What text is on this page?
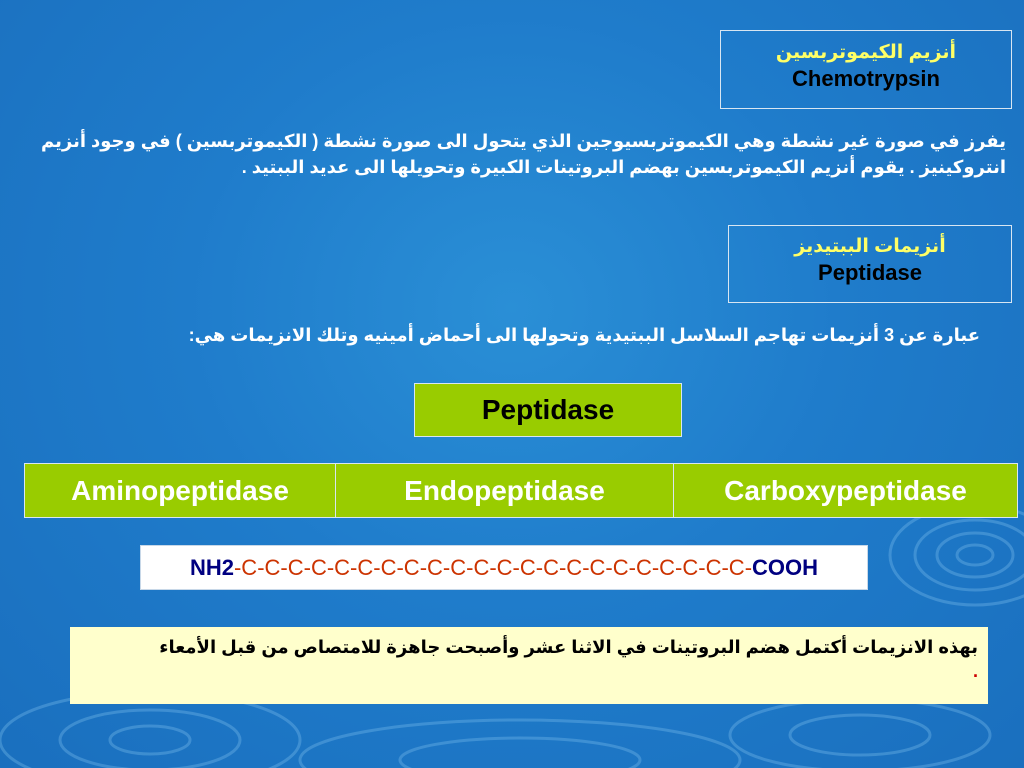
أنزيم الكيموتربسين
Chemotrypsin
يفرز في صورة غير نشطة وهي الكيموتربسيوجين الذي يتحول الى صورة نشطة ( الكيموتربسين ) في وجود أنزيم انتروكينيز . يقوم أنزيم الكيموتربسين بهضم البروتينات الكبيرة وتحويلها الى عديد الببتيد .
أنزيمات الببتيديز
Peptidase
عبارة عن 3 أنزيمات تهاجم السلاسل الببتيدية وتحولها الى أحماض أمينيه وتلك الانزيمات هي:
Peptidase
Aminopeptidase	Endopeptidase	Carboxypeptidase
NH2 -C-C-C-C-C-C-C-C-C-C-C-C-C-C-C-C-C-C-C-C-C-C- COOH
بهذه الانزيمات أكتمل هضم البروتينات في الاثنا عشر وأصبحت جاهزة للامتصاص من قبل الأمعاء
.
